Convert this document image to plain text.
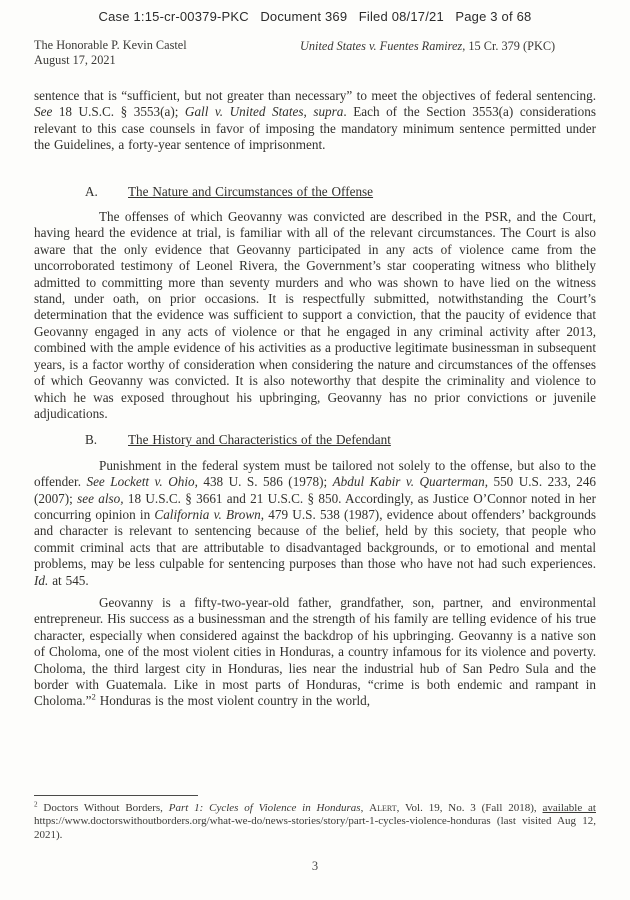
Case 1:15-cr-00379-PKC   Document 369   Filed 08/17/21   Page 3 of 68
The Honorable P. Kevin Castel
August 17, 2021
United States v. Fuentes Ramirez, 15 Cr. 379 (PKC)

sentence that is “sufficient, but not greater than necessary” to meet the objectives of federal sentencing. See 18 U.S.C. § 3553(a); Gall v. United States, supra. Each of the Section 3553(a) considerations relevant to this case counsels in favor of imposing the mandatory minimum sentence permitted under the Guidelines, a forty-year sentence of imprisonment.

A. The Nature and Circumstances of the Offense

The offenses of which Geovanny was convicted are described in the PSR, and the Court, having heard the evidence at trial, is familiar with all of the relevant circumstances. The Court is also aware that the only evidence that Geovanny participated in any acts of violence came from the uncorroborated testimony of Leonel Rivera, the Government’s star cooperating witness who blithely admitted to committing more than seventy murders and who was shown to have lied on the witness stand, under oath, on prior occasions. It is respectfully submitted, notwithstanding the Court’s determination that the evidence was sufficient to support a conviction, that the paucity of evidence that Geovanny engaged in any acts of violence or that he engaged in any criminal activity after 2013, combined with the ample evidence of his activities as a productive legitimate businessman in subsequent years, is a factor worthy of consideration when considering the nature and circumstances of the offenses of which Geovanny was convicted. It is also noteworthy that despite the criminality and violence to which he was exposed throughout his upbringing, Geovanny has no prior convictions or juvenile adjudications.

B. The History and Characteristics of the Defendant

Punishment in the federal system must be tailored not solely to the offense, but also to the offender. See Lockett v. Ohio, 438 U. S. 586 (1978); Abdul Kabir v. Quarterman, 550 U.S. 233, 246 (2007); see also, 18 U.S.C. § 3661 and 21 U.S.C. § 850. Accordingly, as Justice O’Connor noted in her concurring opinion in California v. Brown, 479 U.S. 538 (1987), evidence about offenders’ backgrounds and character is relevant to sentencing because of the belief, held by this society, that people who commit criminal acts that are attributable to disadvantaged backgrounds, or to emotional and mental problems, may be less culpable for sentencing purposes than those who have not had such experiences. Id. at 545.

Geovanny is a fifty-two-year-old father, grandfather, son, partner, and environmental entrepreneur. His success as a businessman and the strength of his family are telling evidence of his true character, especially when considered against the backdrop of his upbringing. Geovanny is a native son of Choloma, one of the most violent cities in Honduras, a country infamous for its violence and poverty. Choloma, the third largest city in Honduras, lies near the industrial hub of San Pedro Sula and the border with Guatemala. Like in most parts of Honduras, “crime is both endemic and rampant in Choloma.”$^2$ Honduras is the most violent country in the world,

$^2$ Doctors Without Borders, Part 1: Cycles of Violence in Honduras, Alert, Vol. 19, No. 3 (Fall 2018), available at https://www.doctorswithoutborders.org/what-we-do/news-stories/story/part-1-cycles-violence-honduras (last visited Aug 12, 2021).
3
